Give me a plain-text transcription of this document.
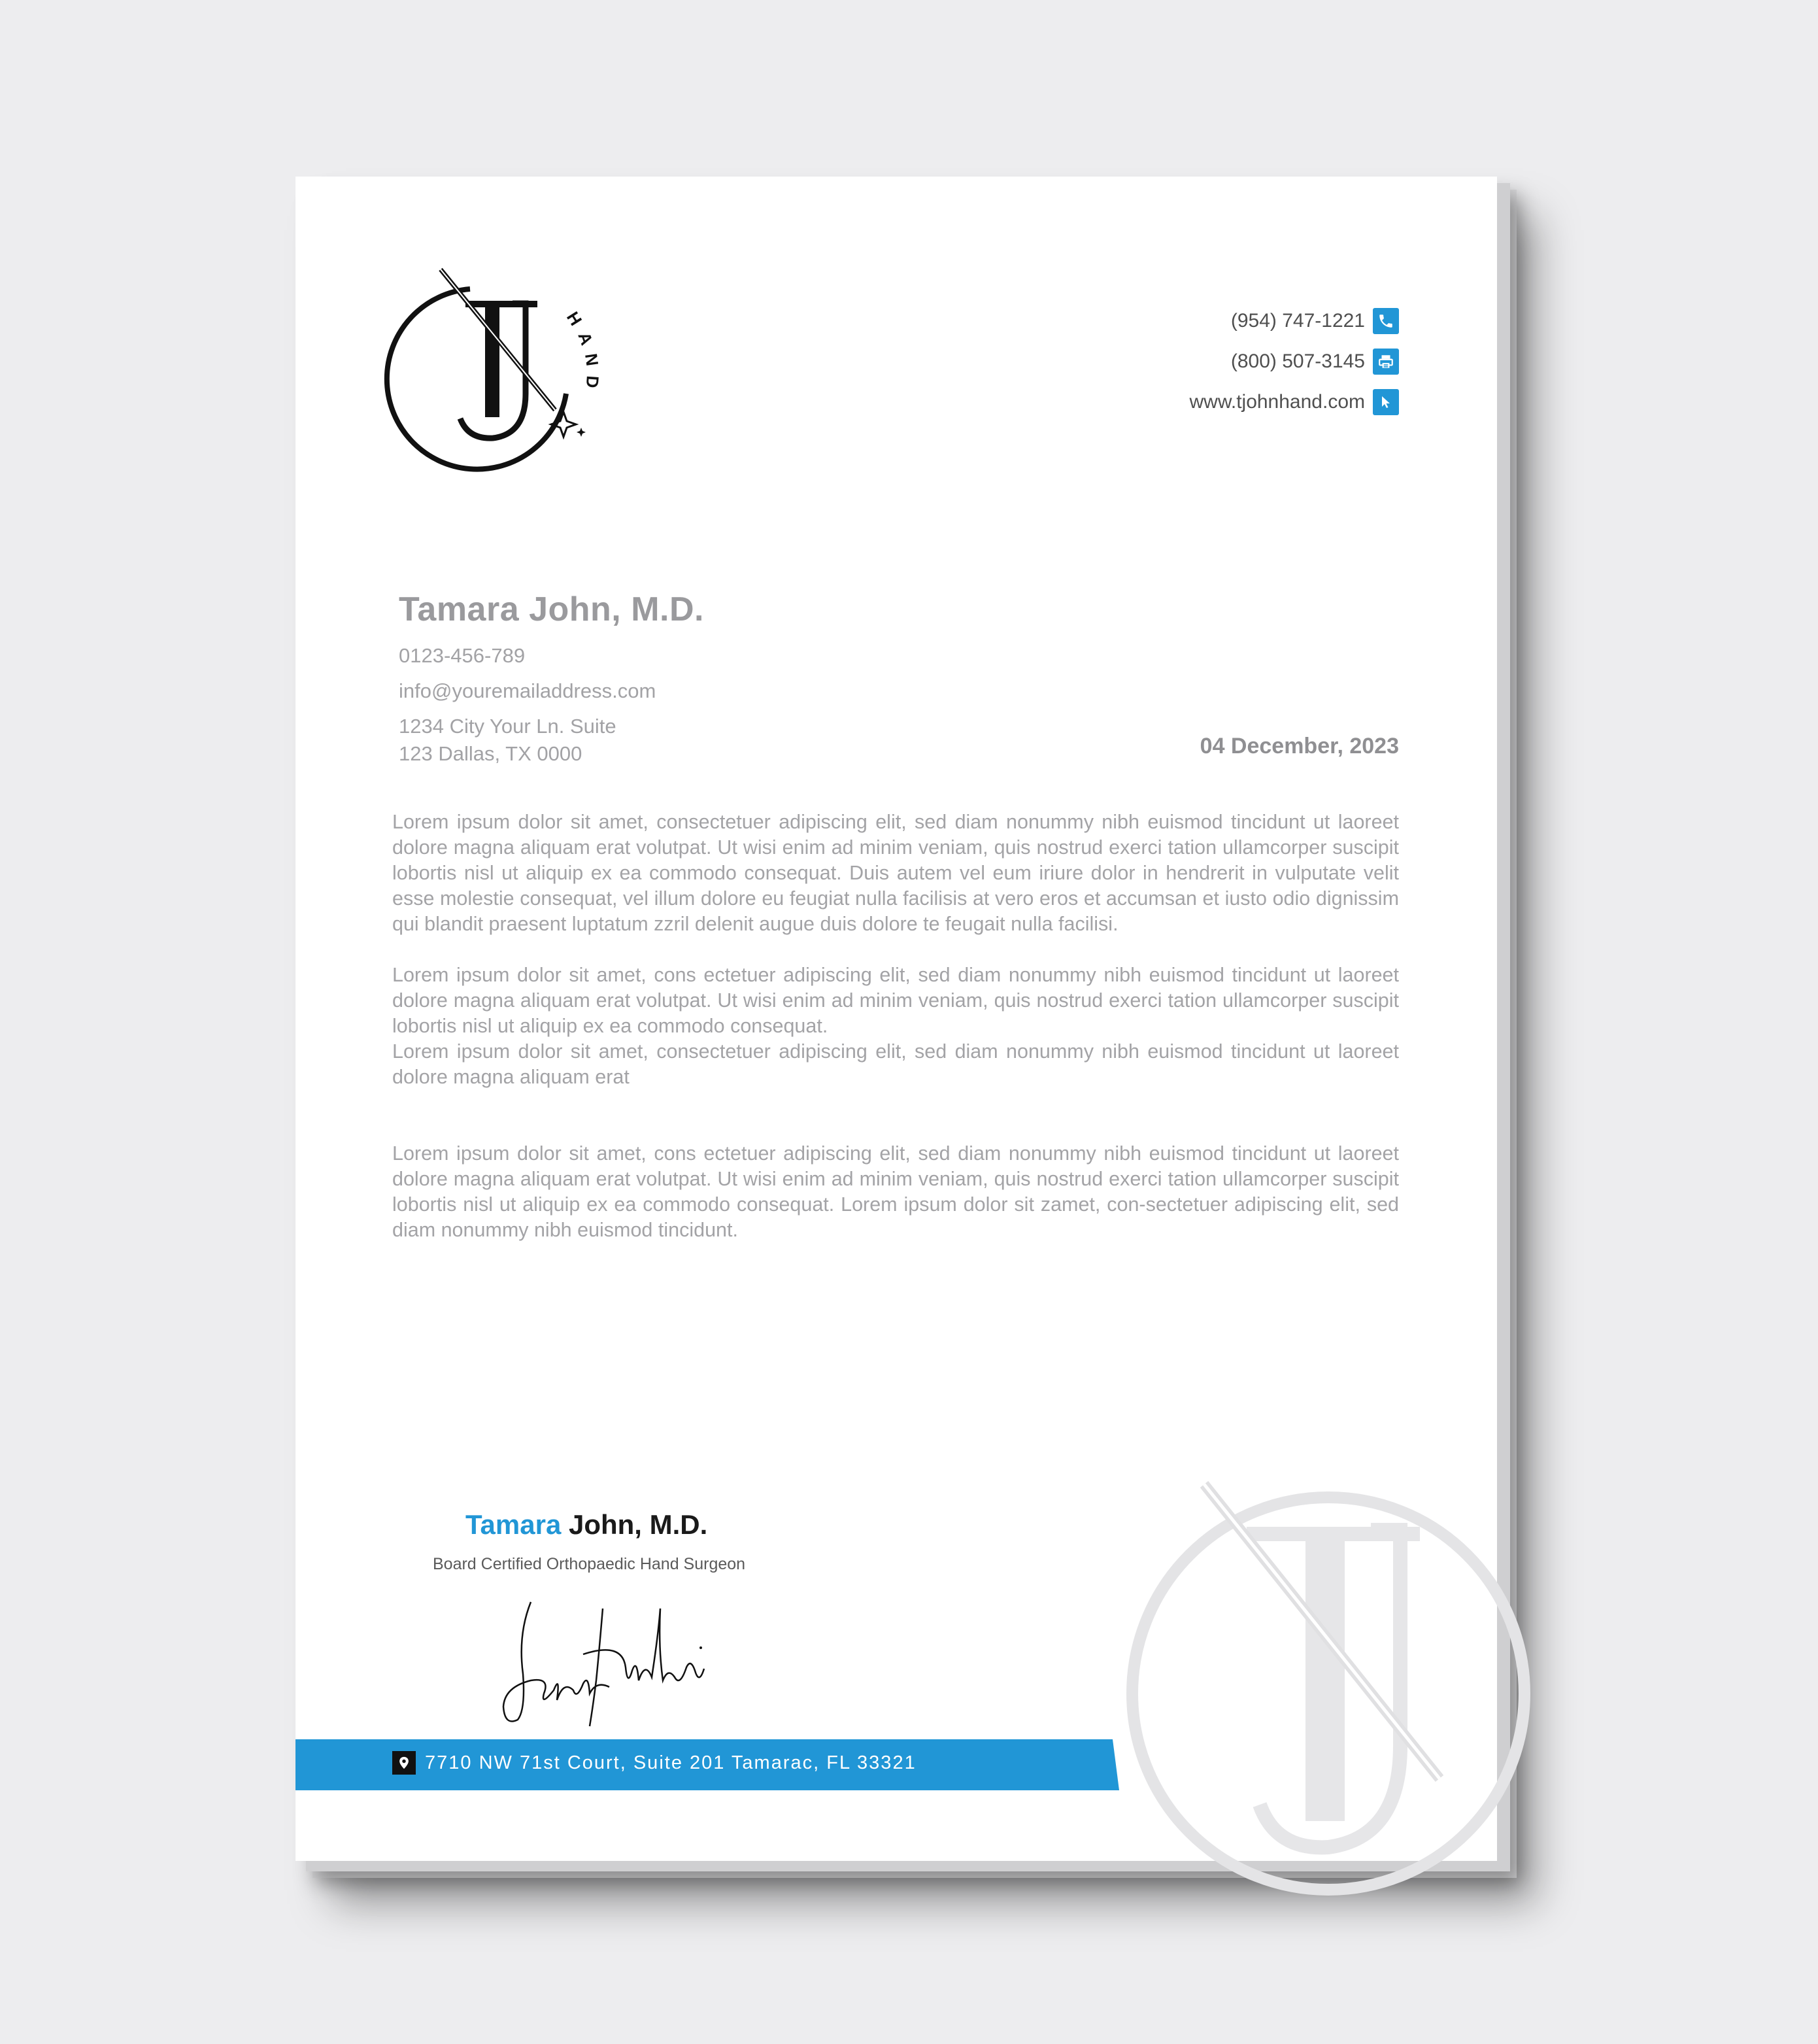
H
A
N
D
(954) 747-1221
(800) 507-3145
www.tjohnhand.com

Tamara John, M.D.

0123-456-789

info@youremailaddress.com

1234 City Your Ln. Suite

123 Dallas, TX 0000	04 December, 2023

Lorem ipsum dolor sit amet, consectetuer adipiscing elit, sed diam nonummy nibh euismod tincidunt ut laoreet dolore magna aliquam erat volutpat. Ut wisi enim ad minim veniam, quis nostrud exerci tation ullamcorper suscipit lobortis nisl ut aliquip ex ea commodo consequat. Duis autem vel eum iriure dolor in hendrerit in vulputate velit esse molestie consequat, vel illum dolore eu feugiat nulla facilisis at vero eros et accumsan et iusto odio dignissim qui blandit praesent luptatum zzril delenit augue duis dolore te feugait nulla facilisi.

Lorem ipsum dolor sit amet, cons ectetuer adipiscing elit, sed diam nonummy nibh euismod tincidunt ut laoreet dolore magna aliquam erat volutpat. Ut wisi enim ad minim veniam, quis nostrud exerci tation ullamcorper suscipit lobortis nisl ut aliquip ex ea commodo consequat.

Lorem ipsum dolor sit amet, consectetuer adipiscing elit, sed diam nonummy nibh euismod tincidunt ut laoreet dolore magna aliquam erat

Lorem ipsum dolor sit amet, cons ectetuer adipiscing elit, sed diam nonummy nibh euismod tincidunt ut laoreet dolore magna aliquam erat volutpat. Ut wisi enim ad minim veniam, quis nostrud exerci tation ullamcorper suscipit lobortis nisl ut aliquip ex ea commodo consequat. Lorem ipsum dolor sit zamet, con-sectetuer adipiscing elit, sed diam nonummy nibh euismod tincidunt.

Tamara John, M.D.
Board Certified Orthopaedic Hand Surgeon
7710 NW 71st Court, Suite 201 Tamarac, FL 33321
